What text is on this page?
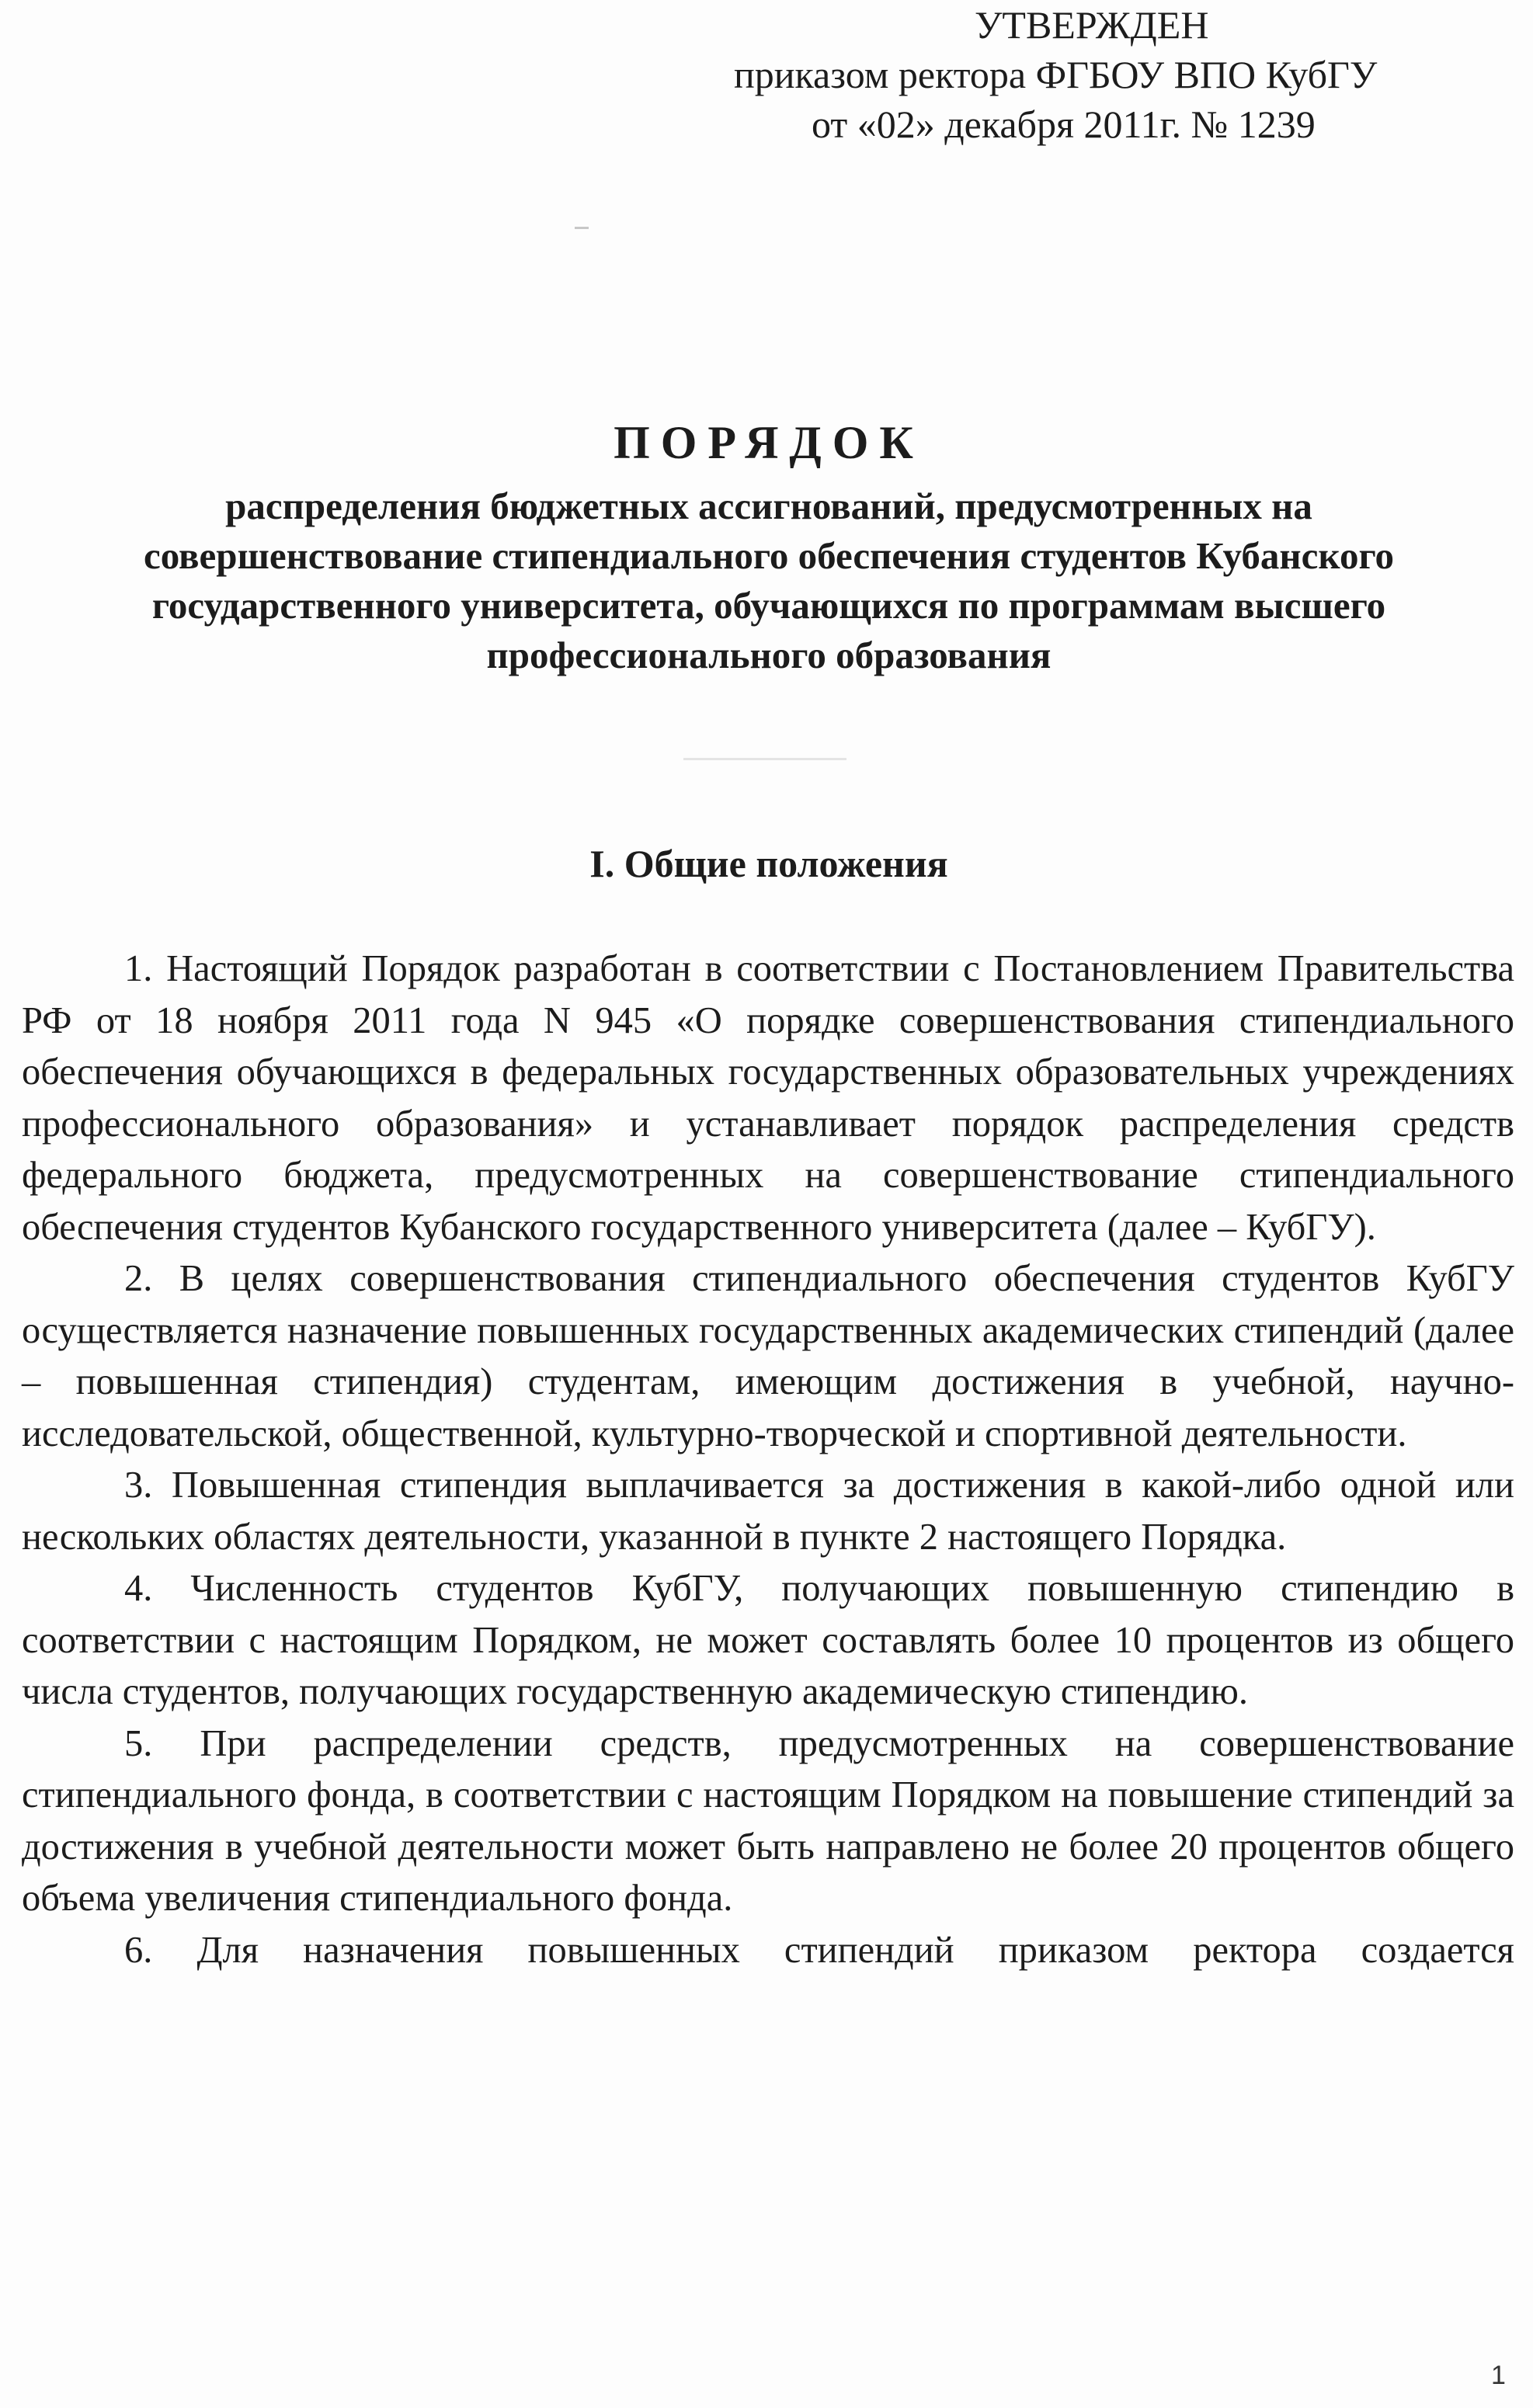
УТВЕРЖДЕН
приказом ректора ФГБОУ ВПО КубГУ
от «02» декабря 2011г. № 1239
ПОРЯДОК
распределения бюджетных ассигнований, предусмотренных на
совершенствование стипендиального обеспечения студентов Кубанского
государственного университета, обучающихся по программам высшего
профессионального образования
I. Общие положения

1. Настоящий Порядок разработан в соответствии с Постановлением Правительства РФ от 18 ноября 2011 года N 945 «О порядке совершенствования стипендиального обеспечения обучающихся в федеральных государственных образовательных учреждениях профессионального образования» и устанавливает порядок распределения средств федерального бюджета, предусмотренных на совершенствование стипендиального обеспечения студентов Кубанского государственного университета (далее – КубГУ).

2. В целях совершенствования стипендиального обеспечения студентов КубГУ осуществляется назначение повышенных государственных академических стипендий (далее – повышенная стипендия) студентам, имеющим достижения в учебной, научно-исследовательской, общественной, культурно-творческой и спортивной деятельности.

3. Повышенная стипендия выплачивается за достижения в какой-либо одной или нескольких областях деятельности, указанной в пункте 2 настоящего Порядка.

4. Численность студентов КубГУ, получающих повышенную стипендию в соответствии с настоящим Порядком, не может составлять более 10 процентов из общего числа студентов, получающих государственную академическую стипендию.

5. При распределении средств, предусмотренных на совершенствование стипендиального фонда, в соответствии с настоящим Порядком на повышение стипендий за достижения в учебной деятельности может быть направлено не более 20 процентов общего объема увеличения стипендиального фонда.

6. Для назначения повышенных стипендий приказом ректора создается

1
